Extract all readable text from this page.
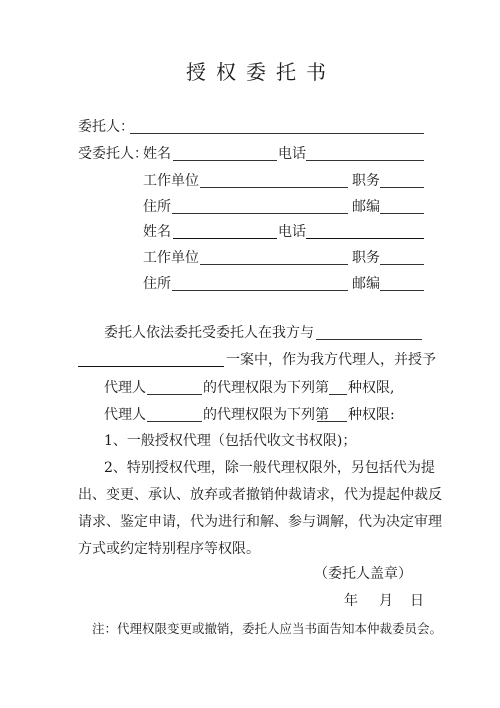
授权委托书
委托人：
受委托人：
姓名	电话
工作单位	职务
住所	邮编
姓名	电话
工作单位	职务
住所	邮编
委托人依法委托受委托人在我方与
一案中，作为我方代理人，并授予
代理人	的代理权限为下列第 种权限,
代理人	的代理权限为下列第 种权限:
1、一般授权代理（包括代收文书权限)；
2、特别授权代理，除一般代理权限外，另包括代为提
出、变更、承认、放弃或者撤销仲裁请求，代为提起仲裁反
请求、鉴定申请，代为进行和解、参与调解，代为决定审理
方式或约定特别程序等权限。
（委托人盖章）
年 月 日
注：代理权限变更或撤销，委托人应当书面告知本仲裁委员会。
